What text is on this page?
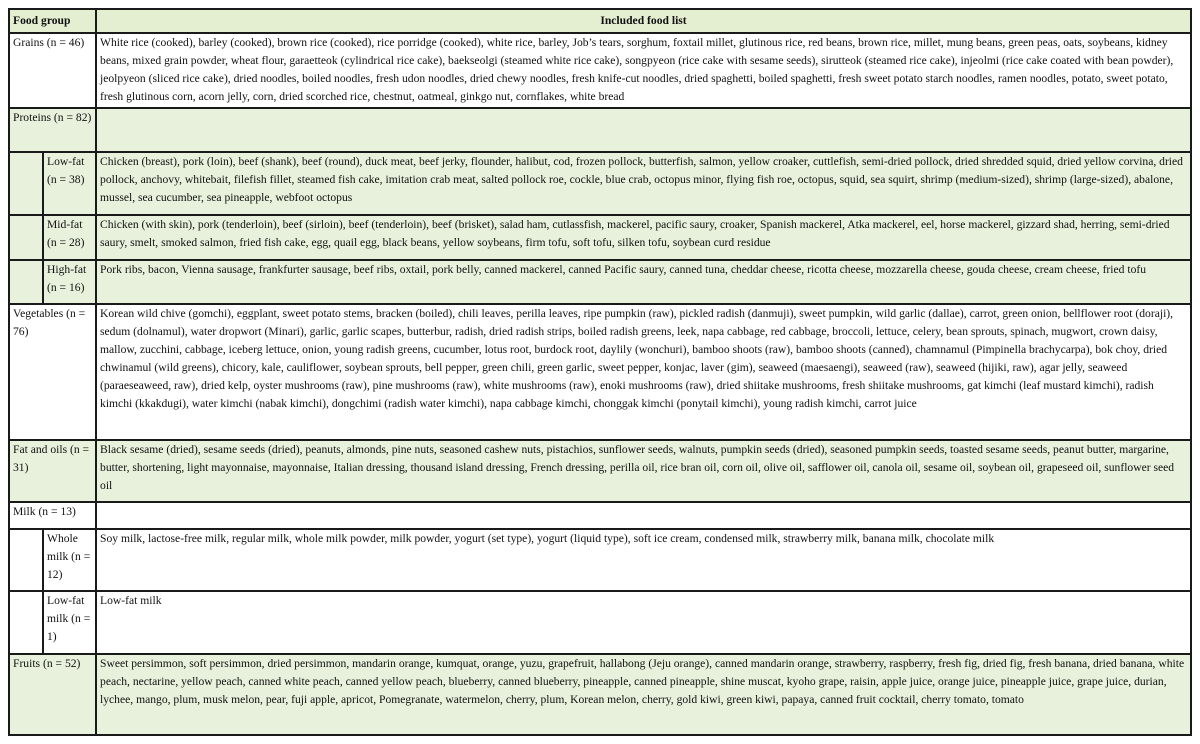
Food group		Included food list
Grains (n = 46)		White rice (cooked), barley (cooked), brown rice (cooked), rice porridge (cooked), white rice, barley, Job’s tears, sorghum, foxtail millet, glutinous rice, red beans, brown rice, millet, mung beans, green peas, oats, soybeans, kidney beans, mixed grain powder, wheat flour, garaetteok (cylindrical rice cake), baekseolgi (steamed white rice cake), songpyeon (rice cake with sesame seeds), sirutteok (steamed rice cake), injeolmi (rice cake coated with bean powder), jeolpyeon (sliced rice cake), dried noodles, boiled noodles, fresh udon noodles, dried chewy noodles, fresh knife-cut noodles, dried spaghetti, boiled spaghetti, fresh sweet potato starch noodles, ramen noodles, potato, sweet potato, fresh glutinous corn, acorn jelly, corn, dried scorched rice, chestnut, oatmeal, ginkgo nut, cornflakes, white bread
Proteins (n = 82)		
	Low-fat (n = 38)	Chicken (breast), pork (loin), beef (shank), beef (round), duck meat, beef jerky, flounder, halibut, cod, frozen pollock, butterfish, salmon, yellow croaker, cuttlefish, semi-dried pollock, dried shredded squid, dried yellow corvina, dried pollock, anchovy, whitebait, filefish fillet, steamed fish cake, imitation crab meat, salted pollock roe, cockle, blue crab, octopus minor, flying fish roe, octopus, squid, sea squirt, shrimp (medium-sized), shrimp (large-sized), abalone, mussel, sea cucumber, sea pineapple, webfoot octopus
	Mid-fat (n = 28)	Chicken (with skin), pork (tenderloin), beef (sirloin), beef (tenderloin), beef (brisket), salad ham, cutlassfish, mackerel, pacific saury, croaker, Spanish mackerel, Atka mackerel, eel, horse mackerel, gizzard shad, herring, semi-dried saury, smelt, smoked salmon, fried fish cake, egg, quail egg, black beans, yellow soybeans, firm tofu, soft tofu, silken tofu, soybean curd residue
	High-fat (n = 16)	Pork ribs, bacon, Vienna sausage, frankfurter sausage, beef ribs, oxtail, pork belly, canned mackerel, canned Pacific saury, canned tuna, cheddar cheese, ricotta cheese, mozzarella cheese, gouda cheese, cream cheese, fried tofu
Vegetables (n = 76)		Korean wild chive (gomchi), eggplant, sweet potato stems, bracken (boiled), chili leaves, perilla leaves, ripe pumpkin (raw), pickled radish (danmuji), sweet pumpkin, wild garlic (dallae), carrot, green onion, bellflower root (doraji), sedum (dolnamul), water dropwort (Minari), garlic, garlic scapes, butterbur, radish, dried radish strips, boiled radish greens, leek, napa cabbage, red cabbage, broccoli, lettuce, celery, bean sprouts, spinach, mugwort, crown daisy, mallow, zucchini, cabbage, iceberg lettuce, onion, young radish greens, cucumber, lotus root, burdock root, daylily (wonchuri), bamboo shoots (raw), bamboo shoots (canned), chamnamul (Pimpinella brachycarpa), bok choy, dried chwinamul (wild greens), chicory, kale, cauliflower, soybean sprouts, bell pepper, green chili, green garlic, sweet pepper, konjac, laver (gim), seaweed (maesaengi), seaweed (raw), seaweed (hijiki, raw), agar jelly, seaweed (paraeseaweed, raw), dried kelp, oyster mushrooms (raw), pine mushrooms (raw), white mushrooms (raw), enoki mushrooms (raw), dried shiitake mushrooms, fresh shiitake mushrooms, gat kimchi (leaf mustard kimchi), radish kimchi (kkakdugi), water kimchi (nabak kimchi), dongchimi (radish water kimchi), napa cabbage kimchi, chonggak kimchi (ponytail kimchi), young radish kimchi, carrot juice
Fat and oils (n = 31)		Black sesame (dried), sesame seeds (dried), peanuts, almonds, pine nuts, seasoned cashew nuts, pistachios, sunflower seeds, walnuts, pumpkin seeds (dried), seasoned pumpkin seeds, toasted sesame seeds, peanut butter, margarine, butter, shortening, light mayonnaise, mayonnaise, Italian dressing, thousand island dressing, French dressing, perilla oil, rice bran oil, corn oil, olive oil, safflower oil, canola oil, sesame oil, soybean oil, grapeseed oil, sunflower seed oil
Milk (n = 13)		
	Whole milk (n = 12)	Soy milk, lactose-free milk, regular milk, whole milk powder, milk powder, yogurt (set type), yogurt (liquid type), soft ice cream, condensed milk, strawberry milk, banana milk, chocolate milk
	Low-fat milk (n = 1)	Low-fat milk
Fruits (n = 52)		Sweet persimmon, soft persimmon, dried persimmon, mandarin orange, kumquat, orange, yuzu, grapefruit, hallabong (Jeju orange), canned mandarin orange, strawberry, raspberry, fresh fig, dried fig, fresh banana, dried banana, white peach, nectarine, yellow peach, canned white peach, canned yellow peach, blueberry, canned blueberry, pineapple, canned pineapple, shine muscat, kyoho grape, raisin, apple juice, orange juice, pineapple juice, grape juice, durian, lychee, mango, plum, musk melon, pear, fuji apple, apricot, Pomegranate, watermelon, cherry, plum, Korean melon, cherry, gold kiwi, green kiwi, papaya, canned fruit cocktail, cherry tomato, tomato
